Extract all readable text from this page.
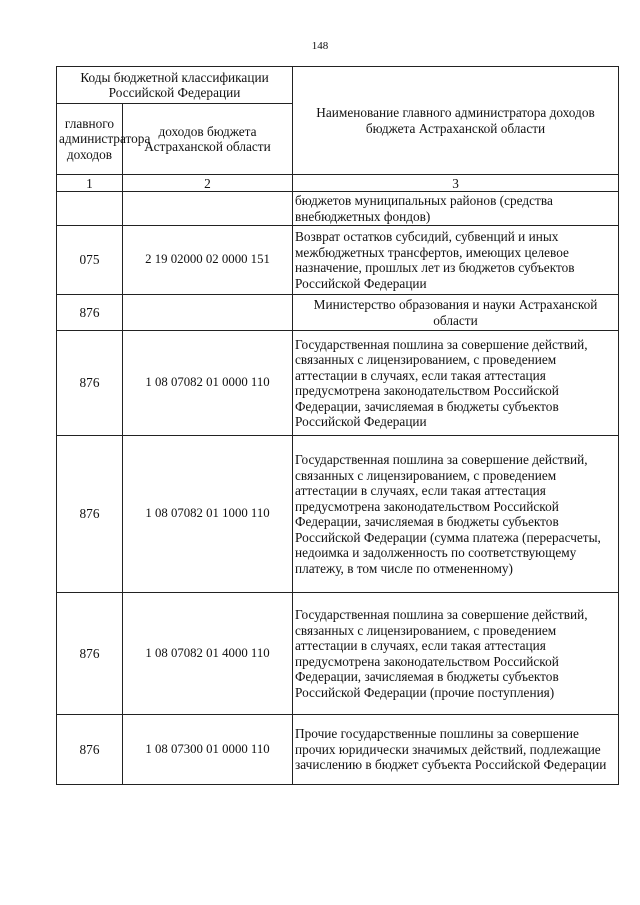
148
Коды бюджетной классификации Российской Федерации		Наименование главного администратора доходов бюджета Астраханской области
главного администратора доходов	доходов бюджета Астраханской области	
1	2	3
		бюджетов муниципальных районов (средства внебюджетных фондов)
075	2 19 02000 02 0000 151	Возврат остатков субсидий, субвенций и иных межбюджетных трансфертов, имеющих целевое назначение, прошлых лет из бюджетов субъектов Российской Федерации
876		Министерство образования и науки Астраханской области
876	1 08 07082 01 0000 110	Государственная пошлина за совершение действий, связанных с лицензированием, с проведением аттестации в случаях, если такая аттестация предусмотрена законодательством Российской Федерации, зачисляемая в бюджеты субъектов Российской Федерации
876	1 08 07082 01 1000 110	Государственная пошлина за совершение действий, связанных с лицензированием, с проведением аттестации в случаях, если такая аттестация предусмотрена законодательством Российской Федерации, зачисляемая в бюджеты субъектов Российской Федерации (сумма платежа (перерасчеты, недоимка и задолженность по соответствующему платежу, в том числе по отмененному)
876	1 08 07082 01 4000 110	Государственная пошлина за совершение действий, связанных с лицензированием, с проведением аттестации в случаях, если такая аттестация предусмотрена законодательством Российской Федерации, зачисляемая в бюджеты субъектов Российской Федерации (прочие поступления)
876	1 08 07300 01 0000 110	Прочие государственные пошлины за совершение прочих юридически значимых действий, подлежащие зачислению в бюджет субъекта Российской Федерации
